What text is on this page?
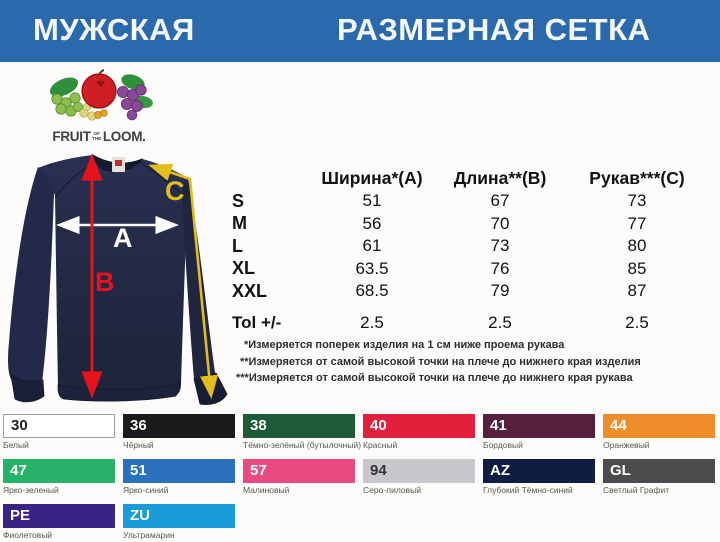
МУЖСКАЯ	РАЗМЕРНАЯ СЕТКА
FRUIT OF
THE LOOM.
A
B
C	Ширина*(A)	Длина**(B)	Рукав***(C)
S	51	67	73
M	56	70	77
L	61	73	80
XL	63.5	76	85
XXL	68.5	79	87
Tol +/-	2.5	2.5	2.5
*Измеряется поперек изделия на 1 см ниже проема рукава
**Измеряется от самой высокой точки на плече до нижнего края изделия
***Измеряется от самой высокой точки на плече до нижнего края рукава
30
Белый
36
Чёрный
38
Тёмно-зелёный (бутылочный)
40
Красный
41
Бордовый
44
Оранжевый
47
Ярко-зеленый
51
Ярко-синий
57
Малиновый
94
Серо-лиловый
AZ
Глубокий Тёмно-синий
GL
Светлый Графит
PE
Фиолетовый
ZU
Ультрамарин
